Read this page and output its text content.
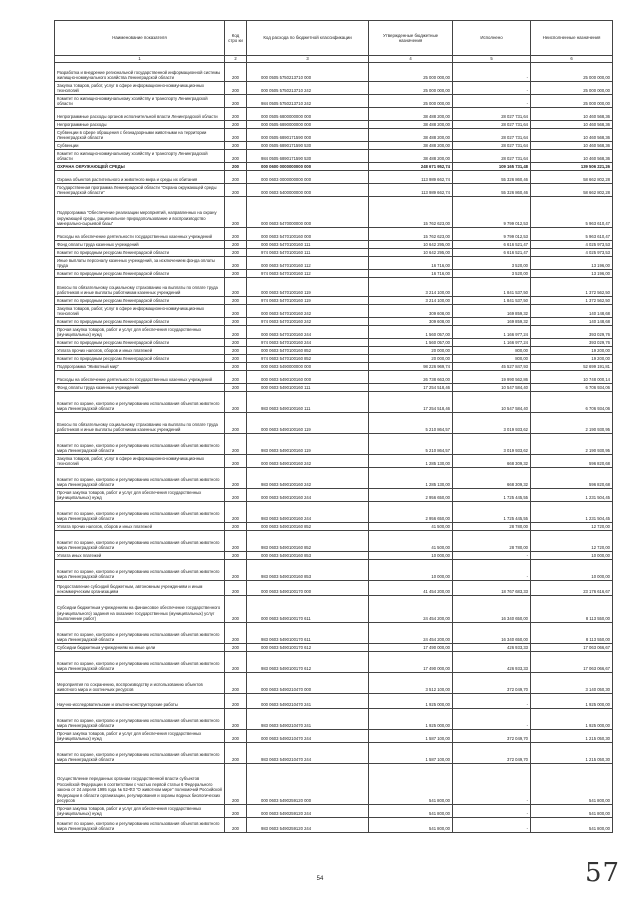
Наименование показателя	Код стро ки	Код расхода по бюджетной классификации	Утвержденные бюджетные назначения	Исполнено	Неисполненные назначения
1	2	3	4	5	6
Разработка и внедрение региональной государственной информационной системы жилищно-коммунального хозяйства Ленинградской области	200	000 0505 5750213710 000	25 000 000,00	-	25 000 000,00
Закупка товаров, работ, услуг в сфере информационно-коммуникационных технологий	200	000 0505 5750213710 242	25 000 000,00	-	25 000 000,00
Комитет по жилищно-коммунальному хозяйству и транспорту Ленинградской области	200	984 0505 5750213710 242	25 000 000,00	-	25 000 000,00
Непрограммные расходы органов исполнительной власти Ленинградской области	200	000 0505 6800000000 000	38 488 200,00	28 027 731,64	10 460 568,36
Непрограммные расходы	200	000 0505 6890000000 000	38 488 200,00	28 027 731,64	10 460 568,36
Субвенции в сфере обращения с безнадзорными животными на территории Ленинградской области	200	000 0505 6890171590 000	38 488 200,00	28 027 731,64	10 460 568,36
Субвенции	200	000 0505 6890171590 530	38 488 200,00	28 027 731,64	10 460 568,36
Комитет по жилищно-коммунальному хозяйству и транспорту Ленинградской области	200	984 0505 6890171590 530	38 488 200,00	28 027 731,64	10 460 568,36
ОХРАНА ОКРУЖАЮЩЕЙ СРЕДЫ	200	000 0600 0000000000 000	248 671 952,74	109 165 731,48	139 506 221,26
Охрана объектов растительного и животного мира и среды их обитания	200	000 0603 0000000000 000	113 989 662,74	55 326 860,46	58 662 802,28
Государственная программа Ленинградской области "Охрана окружающей среды Ленинградской области"	200	000 0603 5400000000 000	113 989 662,74	55 326 860,46	58 662 802,28
Подпрограмма "Обеспечение реализации мероприятий, направленных на охрану окружающей среды, рациональное природопользование и воспроизводство минерально-сырьевой базы"	200	000 0603 5470000000 000	15 762 623,00	9 799 012,53	5 963 610,47
Расходы на обеспечение деятельности государственных казенных учреждений	200	000 0603 5470100160 000	15 762 623,00	9 799 012,53	5 963 610,47
Фонд оплаты труда казенных учреждений	200	000 0603 5470100160 111	10 642 295,00	6 616 521,47	4 025 973,53
Комитет по природным ресурсам Ленинградской области	200	974 0603 5470100160 111	10 642 295,00	6 616 521,47	4 025 973,53
Иные выплаты персоналу казенных учреждений, за исключением фонда оплаты труда	200	000 0603 5470100160 112	16 716,00	3 520,00	13 196,00
Комитет по природным ресурсам Ленинградской области	200	974 0603 5470100160 112	16 716,00	3 520,00	13 196,00
Взносы по обязательному социальному страхованию на выплаты по оплате труда работников и иные выплаты работникам казенных учреждений	200	000 0603 5470100160 119	3 214 100,00	1 841 537,50	1 372 562,50
Комитет по природным ресурсам Ленинградской области	200	974 0603 5470100160 119	3 214 100,00	1 841 537,50	1 372 562,50
Закупка товаров, работ, услуг в сфере информационно-коммуникационных технологий	200	000 0603 5470100160 242	309 608,00	169 859,32	140 148,68
Комитет по природным ресурсам Ленинградской области	200	974 0603 5470100160 242	309 608,00	169 859,32	140 148,68
Прочая закупка товаров, работ и услуг для обеспечения государственных (муниципальных) нужд	200	000 0603 5470100160 244	1 560 057,00	1 166 977,24	393 029,76
Комитет по природным ресурсам Ленинградской области	200	974 0603 5470100160 244	1 560 057,00	1 166 977,24	393 029,76
Уплата прочих налогов, сборов и иных платежей	200	000 0603 5470100160 852	20 000,00	800,00	19 200,00
Комитет по природным ресурсам Ленинградской области	200	974 0603 5470100160 852	20 000,00	800,00	19 200,00
Подпрограмма "Животный мир"	200	000 0603 5490000000 000	98 226 969,74	45 527 847,93	52 699 191,81
Расходы на обеспечение деятельности государственных казенных учреждений	200	000 0603 5490100160 000	26 738 663,00	19 990 562,86	10 748 000,14
Фонд оплаты труда казенных учреждений	200	000 0603 5490100160 111	17 254 518,46	10 547 584,40	6 706 934,06
Комитет по охране, контролю и регулированию использования объектов животного мира Ленинградской области	200	983 0603 5490100160 111	17 254 518,46	10 547 584,40	6 706 934,06
Взносы по обязательному социальному страхованию на выплаты по оплате труда работников и иные выплаты работникам казенных учреждений	200	000 0603 5490100160 119	5 210 864,57	3 019 933,62	2 190 930,95
Комитет по охране, контролю и регулированию использования объектов животного мира Ленинградской области	200	983 0603 5490100160 119	5 210 864,57	3 019 933,62	2 190 930,95
Закупка товаров, работ, услуг в сфере информационно-коммуникационных технологий	200	000 0603 5490100160 242	1 285 130,00	668 309,32	596 820,68
Комитет по охране, контролю и регулированию использования объектов животного мира Ленинградской области	200	983 0603 5490100160 242	1 285 130,00	668 309,32	596 820,68
Прочая закупка товаров, работ и услуг для обеспечения государственных (муниципальных) нужд	200	000 0603 5490100160 244	2 956 650,00	1 725 445,55	1 231 504,45
Комитет по охране, контролю и регулированию использования объектов животного мира Ленинградской области	200	983 0603 5490100160 244	2 956 650,00	1 725 445,55	1 231 504,45
Уплата прочих налогов, сборов и иных платежей	200	000 0603 5490100160 852	41 500,00	28 780,00	12 720,00
Комитет по охране, контролю и регулированию использования объектов животного мира Ленинградской области	200	983 0603 5490100160 852	41 500,00	28 780,00	12 720,00
Уплата иных платежей	200	000 0603 5490100160 853	10 000,00	-	10 000,00
Комитет по охране, контролю и регулированию использования объектов животного мира Ленинградской области	200	983 0603 5490100160 853	10 000,00	-	10 000,00
Предоставление субсидий бюджетным, автономным учреждениям и иным некоммерческим организациям	200	000 0603 5490100170 000	41 454 200,00	18 767 683,33	23 176 616,67
Субсидии бюджетным учреждениям на финансовое обеспечение государственного (муниципального) задания на оказание государственных (муниципальных) услуг (выполнение работ)	200	000 0603 5490100170 611	24 454 200,00	16 340 650,00	8 113 550,00
Комитет по охране, контролю и регулированию использования объектов животного мира Ленинградской области	200	983 0603 5490100170 611	24 454 200,00	16 340 650,00	8 113 550,00
Субсидии бюджетным учреждениям на иные цели	200	000 0603 5490100170 612	17 490 000,00	426 933,33	17 063 066,67
Комитет по охране, контролю и регулированию использования объектов животного мира Ленинградской области	200	983 0603 5490100170 612	17 490 000,00	426 933,33	17 063 066,67
Мероприятия по сохранению, воспроизводству и использованию объектов животного мира и охотничьих ресурсов	200	000 0603 5490210470 000	3 512 100,00	372 049,70	3 140 050,30
Научно-исследовательские и опытно-конструкторские работы	200	000 0603 5490210470 241	1 925 000,00	-	1 925 000,00
Комитет по охране, контролю и регулированию использования объектов животного мира Ленинградской области	200	983 0603 5490210470 241	1 925 000,00	-	1 925 000,00
Прочая закупка товаров, работ и услуг для обеспечения государственных (муниципальных) нужд	200	000 0603 5490210470 244	1 587 100,00	372 049,70	1 215 050,30
Комитет по охране, контролю и регулированию использования объектов животного мира Ленинградской области	200	983 0603 5490210470 244	1 587 100,00	372 049,70	1 215 050,30
Осуществление переданных органам государственной власти субъектов Российской Федерации в соответствии с частью первой статьи 6 Федерального закона от 24 апреля 1995 года № 52-ФЗ "О животном мире" полномочий Российской Федерации в области организации, регулирования и охраны водных биологических ресурсов	200	000 0603 5490259120 000	541 800,00	-	541 800,00
Прочая закупка товаров, работ и услуг для обеспечения государственных (муниципальных) нужд	200	000 0603 5490259120 244	541 800,00	-	541 800,00
Комитет по охране, контролю и регулированию использования объектов животного мира Ленинградской области	200	983 0603 5490259120 244	541 800,00	-	541 800,00
54	57
